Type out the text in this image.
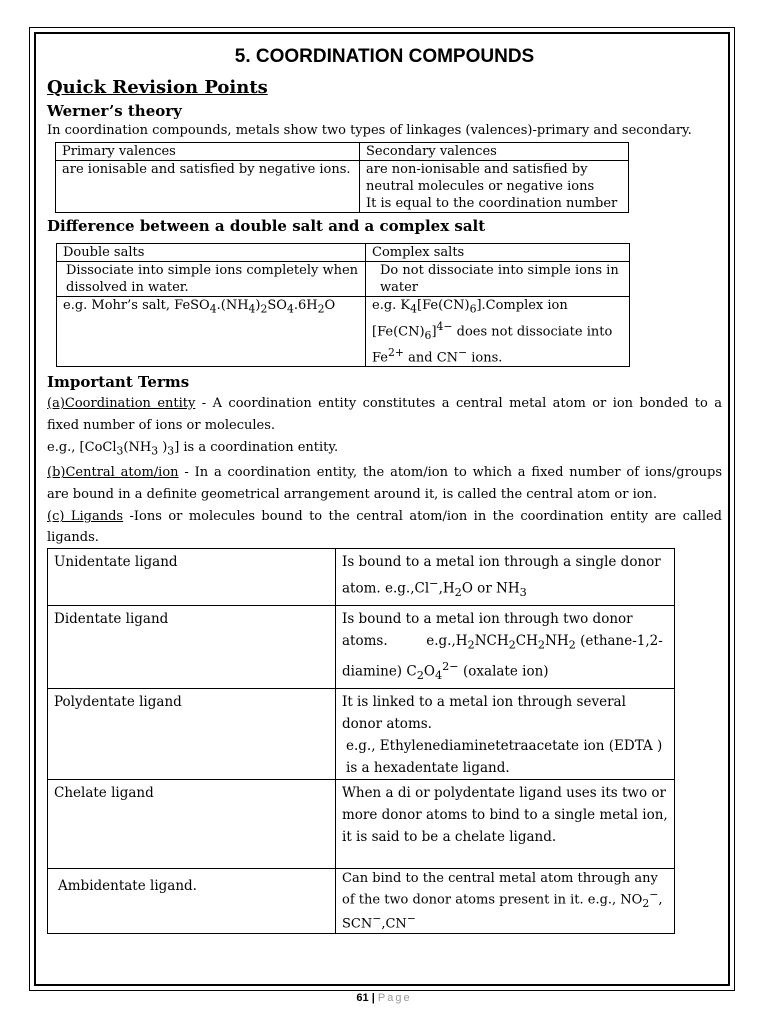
5. COORDINATION COMPOUNDS
Quick Revision Points
Werner’s theory

In coordination compounds, metals show two types of linkages (valences)-primary and secondary.

Primary valences	Secondary valences
are ionisable and satisfied by negative ions.	are non-ionisable and satisfied by neutral molecules or negative ions
It is equal to the coordination number
Difference between a double salt and a complex salt
Double salts	Complex salts
Dissociate into simple ions completely when dissolved in water.	Do not dissociate into simple ions in water
e.g. Mohr’s salt, $FeSO_4.(NH_4)_2SO_4.6H_2O$	e.g. $K_4[Fe(CN)_6].Complex$ ion $[Fe(CN)_6]^{4-}$ does not dissociate into $Fe^{2+}$ and CN− ions.
Important Terms

(a)Coordination entity - A coordination entity constitutes a central metal atom or ion bonded to a fixed number of ions or molecules.

e.g., [$CoCl_3(NH_3$ )$_3$] is a coordination entity.

(b)Central atom/ion - In a coordination entity, the atom/ion to which a fixed number of ions/groups are bound in a definite geometrical arrangement around it, is called the central atom or ion.

(c) Ligands -Ions or molecules bound to the central atom/ion in the coordination entity are called ligands.

Unidentate ligand	Is bound to a metal ion through a single donor atom. $e.g.,Cl^-,H_2O$ or $NH_3$
Didentate ligand	Is bound to a metal ion through two donor atoms.         $e.g.,H_2NCH_2CH_2NH_2$ (ethane-1,2-diamine) $C_2O_4^{2-}$ (oxalate ion)
Polydentate ligand	It is linked to a metal ion through several donor atoms.
e.g., Ethylenediaminetetraacetate ion (EDTA ) is a hexadentate ligand.

Chelate ligand	When a di or polydentate ligand uses its two or more donor atoms to bind to a single metal ion, it is said to be a chelate ligand.
Ambidentate ligand.	Can bind to the central metal atom through any of the two donor atoms present in it. e.g., $NO_2^-$, SCN−,CN−
61 | Page
